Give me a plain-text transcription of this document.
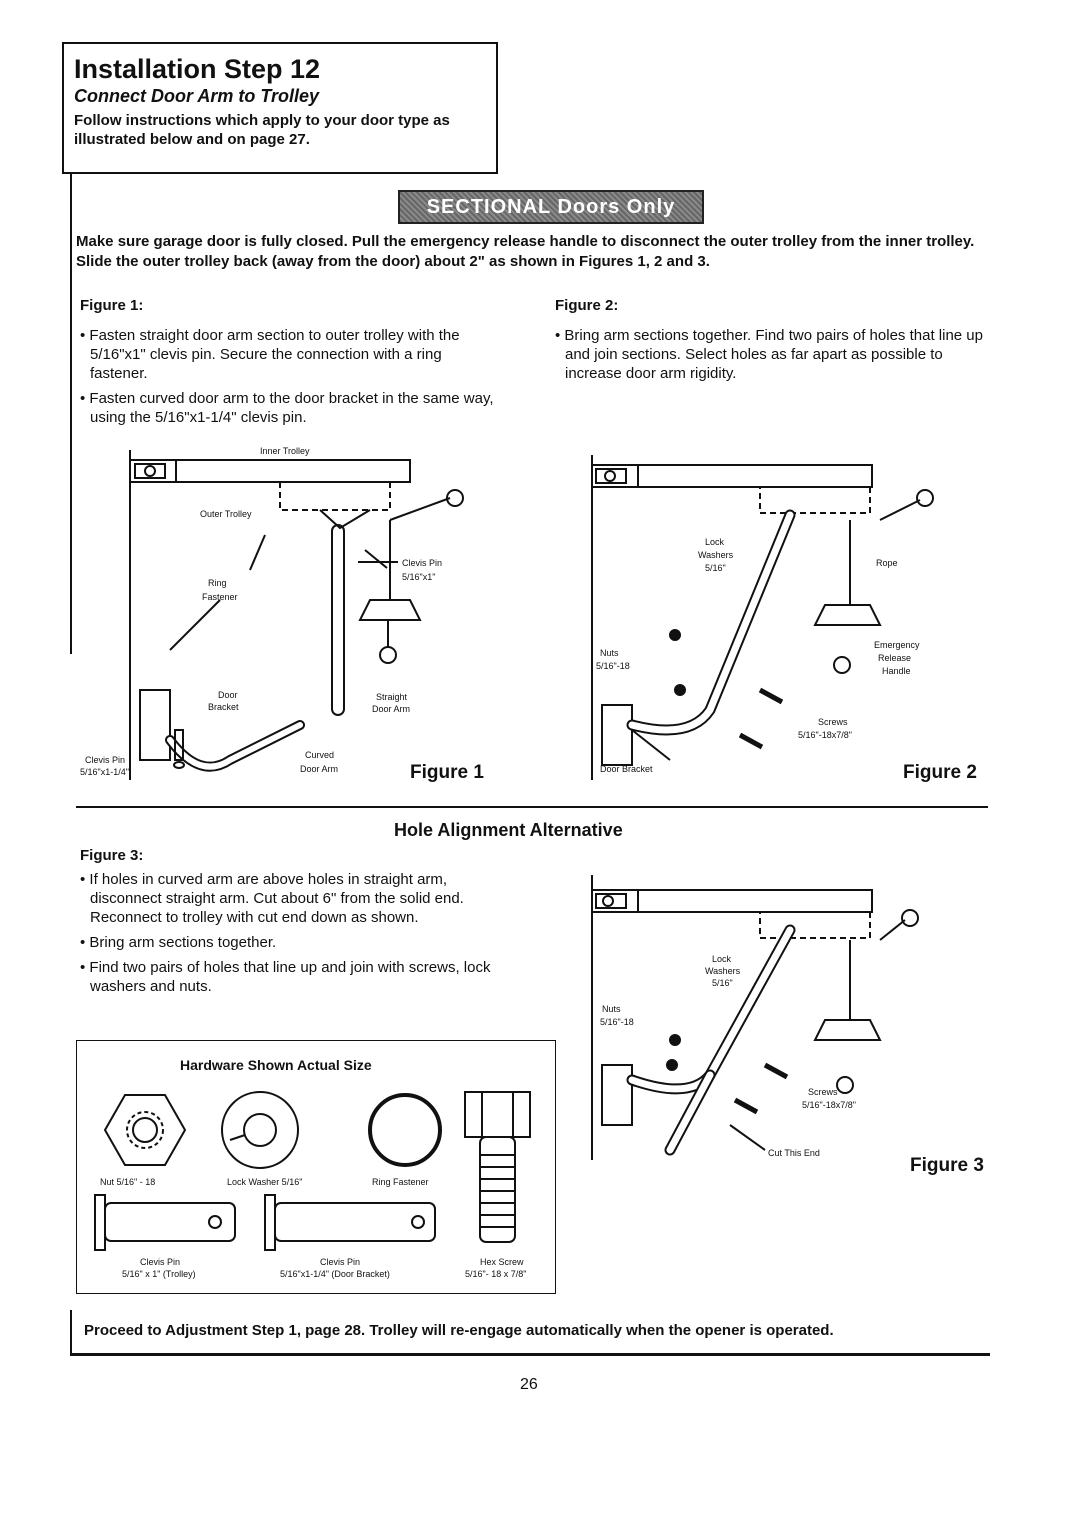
Installation Step 12

Connect Door Arm to Trolley

Follow instructions which apply to your door type as illustrated below and on page 27.

SECTIONAL Doors Only
Make sure garage door is fully closed. Pull the emergency release handle to disconnect the outer trolley from the inner trolley. Slide the outer trolley back (away from the door) about 2" as shown in Figures 1, 2 and 3.
Figure 1:

• Fasten straight door arm section to outer trolley with the 5/16"x1" clevis pin. Secure the connection with a ring fastener.

• Fasten curved door arm to the door bracket in the same way, using the 5/16"x1-1/4" clevis pin.

Figure 2:

• Bring arm sections together. Find two pairs of holes that line up and join sections. Select holes as far apart as possible to increase door arm rigidity.

Inner Trolley
Outer Trolley
Clevis Pin
5/16"x1"
Ring
Fastener
Door
Bracket
Straight
Door Arm
Curved
Door Arm
Clevis Pin
5/16"x1-1/4"	Figure 1
Lock
Washers
5/16"	Rope
Nuts
5/16"-18
Emergency
Release
Handle
Screws
5/16"-18x7/8"
Door Bracket	Figure 2
Hole Alignment Alternative
Figure 3:

• If holes in curved arm are above holes in straight arm, disconnect straight arm. Cut about 6" from the solid end. Reconnect to trolley with cut end down as shown.

• Bring arm sections together.

• Find two pairs of holes that line up and join with screws, lock washers and nuts.

Lock
Washers
5/16"
Nuts
5/16"-18
Screws
5/16"-18x7/8"
Cut This End
Figure 3
Hardware Shown Actual Size
Nut 5/16" - 18	Lock Washer 5/16"	Ring Fastener
Clevis Pin
5/16" x 1" (Trolley)
Clevis Pin
5/16"x1-1/4" (Door Bracket)
Hex Screw
5/16"- 18 x 7/8"
Proceed to Adjustment Step 1, page 28. Trolley will re-engage automatically when the opener is operated.
26
